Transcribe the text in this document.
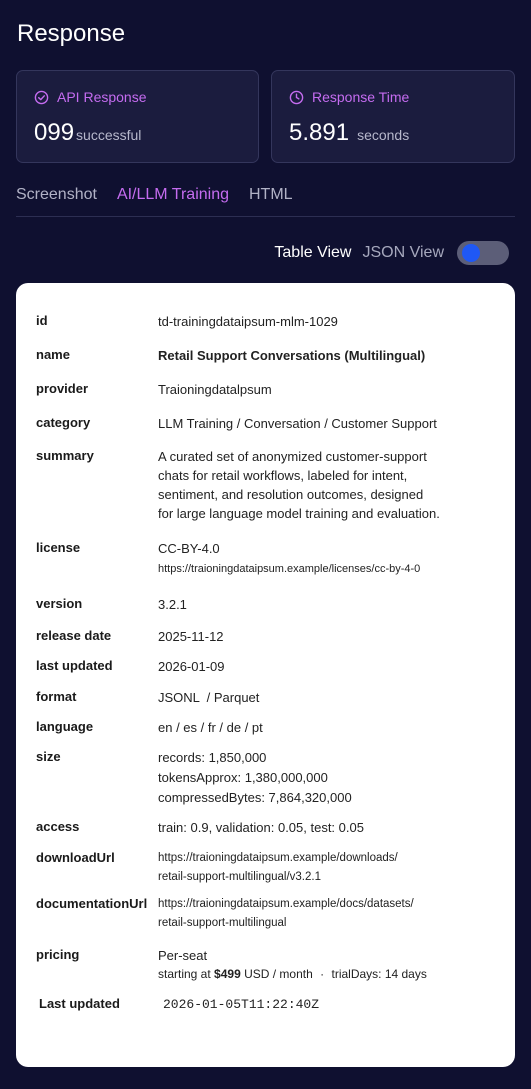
Response
API Response
099 successful
Response Time
5.891 seconds
Screenshot AI/LLM Training HTML
Table View JSON View
id	td-trainingdataipsum-mlm-1029
name	Retail Support Conversations (Multilingual)
provider	Traioningdatalpsum
category	LLM Training / Conversation / Customer Support
summary	A curated set of anonymized customer-support
chats for retail workflows, labeled for intent,
sentiment, and resolution outcomes, designed
for large language model training and evaluation.
license	CC-BY-4.0
https://traioningdataipsum.example/licenses/cc-by-4-0
version	3.2.1
release date	2025-11-12
last updated	2026-01-09
format	JSONL  / Parquet
language	en / es / fr / de / pt
size	records: 1,850,000
tokensApprox: 1,380,000,000
compressedBytes: 7,864,320,000
access	train: 0.9, validation: 0.05, test: 0.05
downloadUrl	https://traioningdataipsum.example/downloads/
retail-support-multilingual/v3.2.1
documentationUrl https://traioningdataipsum.example/docs/datasets/
retail-support-multilingual
pricing	Per-seat
starting at $499 USD / month · trialDays: 14 days
Last updated	2026-01-05T11:22:40Z
